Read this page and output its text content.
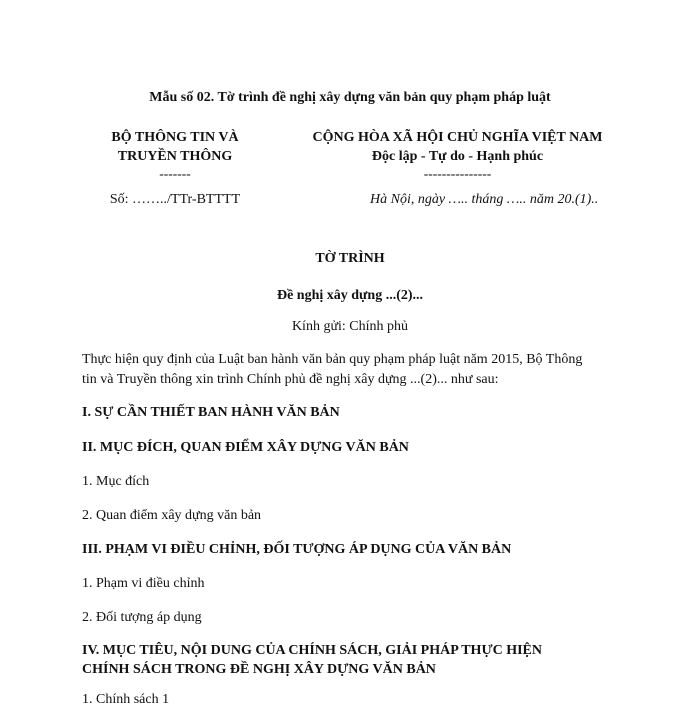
Mẫu số 02. Tờ trình đề nghị xây dựng văn bản quy phạm pháp luật
BỘ THÔNG TIN VÀ
TRUYỀN THÔNG
-------
Số: ……../TTr-BTTTT
CỘNG HÒA XÃ HỘI CHỦ NGHĨA VIỆT NAM
Độc lập - Tự do - Hạnh phúc
---------------
Hà Nội, ngày ….. tháng ….. năm 20.(1)..
TỜ TRÌNH
Đề nghị xây dựng ...(2)...
Kính gửi: Chính phủ
Thực hiện quy định của Luật ban hành văn bản quy phạm pháp luật năm 2015, Bộ Thông
tin và Truyền thông xin trình Chính phủ đề nghị xây dựng ...(2)... như sau:
I. SỰ CẦN THIẾT BAN HÀNH VĂN BẢN
II. MỤC ĐÍCH, QUAN ĐIỂM XÂY DỰNG VĂN BẢN
1. Mục đích
2. Quan điểm xây dựng văn bản
III. PHẠM VI ĐIỀU CHỈNH, ĐỐI TƯỢNG ÁP DỤNG CỦA VĂN BẢN
1. Phạm vi điều chỉnh
2. Đối tượng áp dụng
IV. MỤC TIÊU, NỘI DUNG CỦA CHÍNH SÁCH, GIẢI PHÁP THỰC HIỆN
CHÍNH SÁCH TRONG ĐỀ NGHỊ XÂY DỰNG VĂN BẢN
1. Chính sách 1
